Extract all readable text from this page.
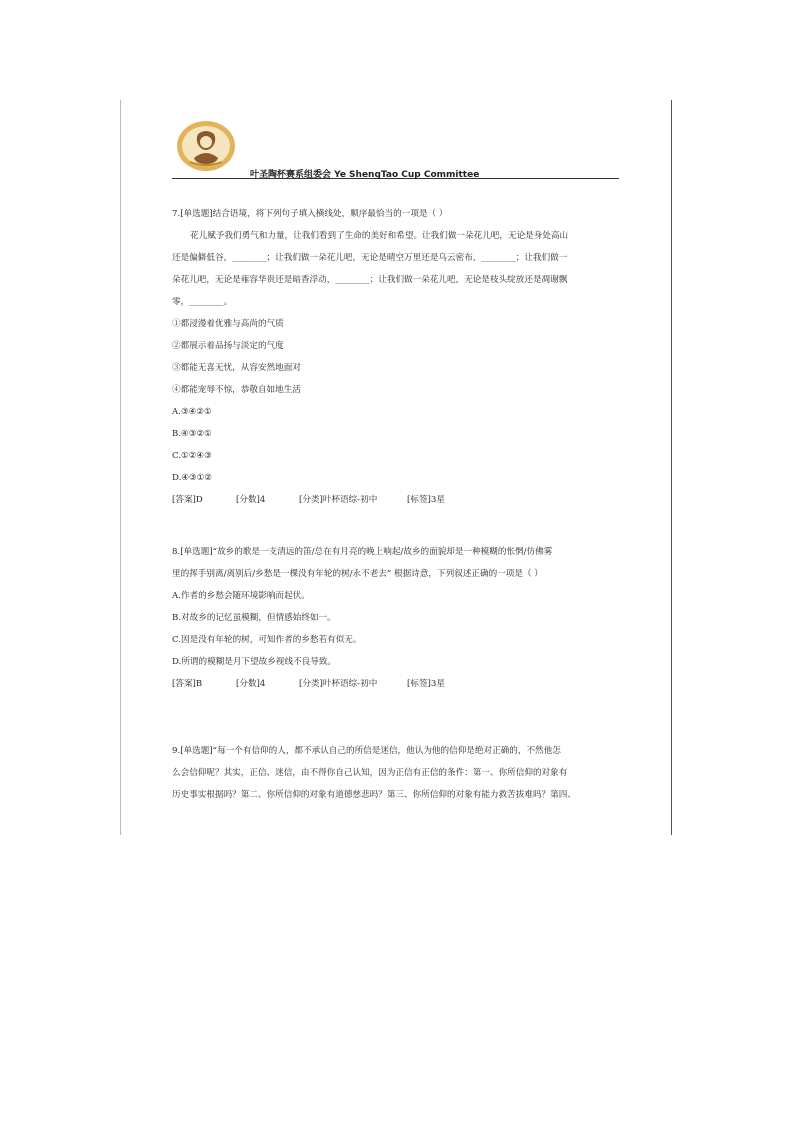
叶圣陶杯赛系组委会 Ye ShengTao Cup Committee

7.[单选题]结合语境，将下列句子填入横线处，顺序最恰当的一项是（ ）

花儿赋予我们勇气和力量，让我们看到了生命的美好和希望。让我们做一朵花儿吧，无论是身处高山

还是偏僻低谷，________；让我们做一朵花儿吧，无论是晴空万里还是乌云密布，________；让我们做一

朵花儿吧，无论是雍容华贵还是暗香浮动，________；让我们做一朵花儿吧，无论是枝头绽放还是凋谢飘

零，________。

①都浸漫着优雅与高尚的气质

②都展示着品扬与淡定的气度

③都能无喜无忧，从容安然地面对

④都能宠辱不惊，恭敬自如地生活

A.③④②①

B.④③②①

C.①②④③

D.④③①②

[答案]D	[分数]4	[分类]叶杯语综-初中	[标签]3星

8.[单选题]“故乡的歌是一支清远的笛/总在有月亮的晚上响起/故乡的面貌却是一种模糊的怅惘/仿佛雾

里的挥手别离/离别后/乡愁是一棵没有年轮的树/永不老去” 根据诗意，下列叙述正确的一项是（ ）

A.作者的乡愁会随环境影响而起伏。

B.对故乡的记忆虽模糊，但情感始终如一。

C.因是没有年轮的树，可知作者的乡愁若有似无。

D.所谓的模糊是月下望故乡视线不良导致。

[答案]B	[分数]4	[分类]叶杯语综-初中	[标签]3星

9.[单选题]“每一个有信仰的人，都不承认自己的所信是迷信，他认为他的信仰是绝对正确的，不然他怎

么会信仰呢？其实，正信、迷信，由不得你自己认知，因为正信有正信的条件：第一、你所信仰的对象有

历史事实根据吗？第二、你所信仰的对象有道德慈悲吗？第三、你所信仰的对象有能力救苦拔难吗？第四、
